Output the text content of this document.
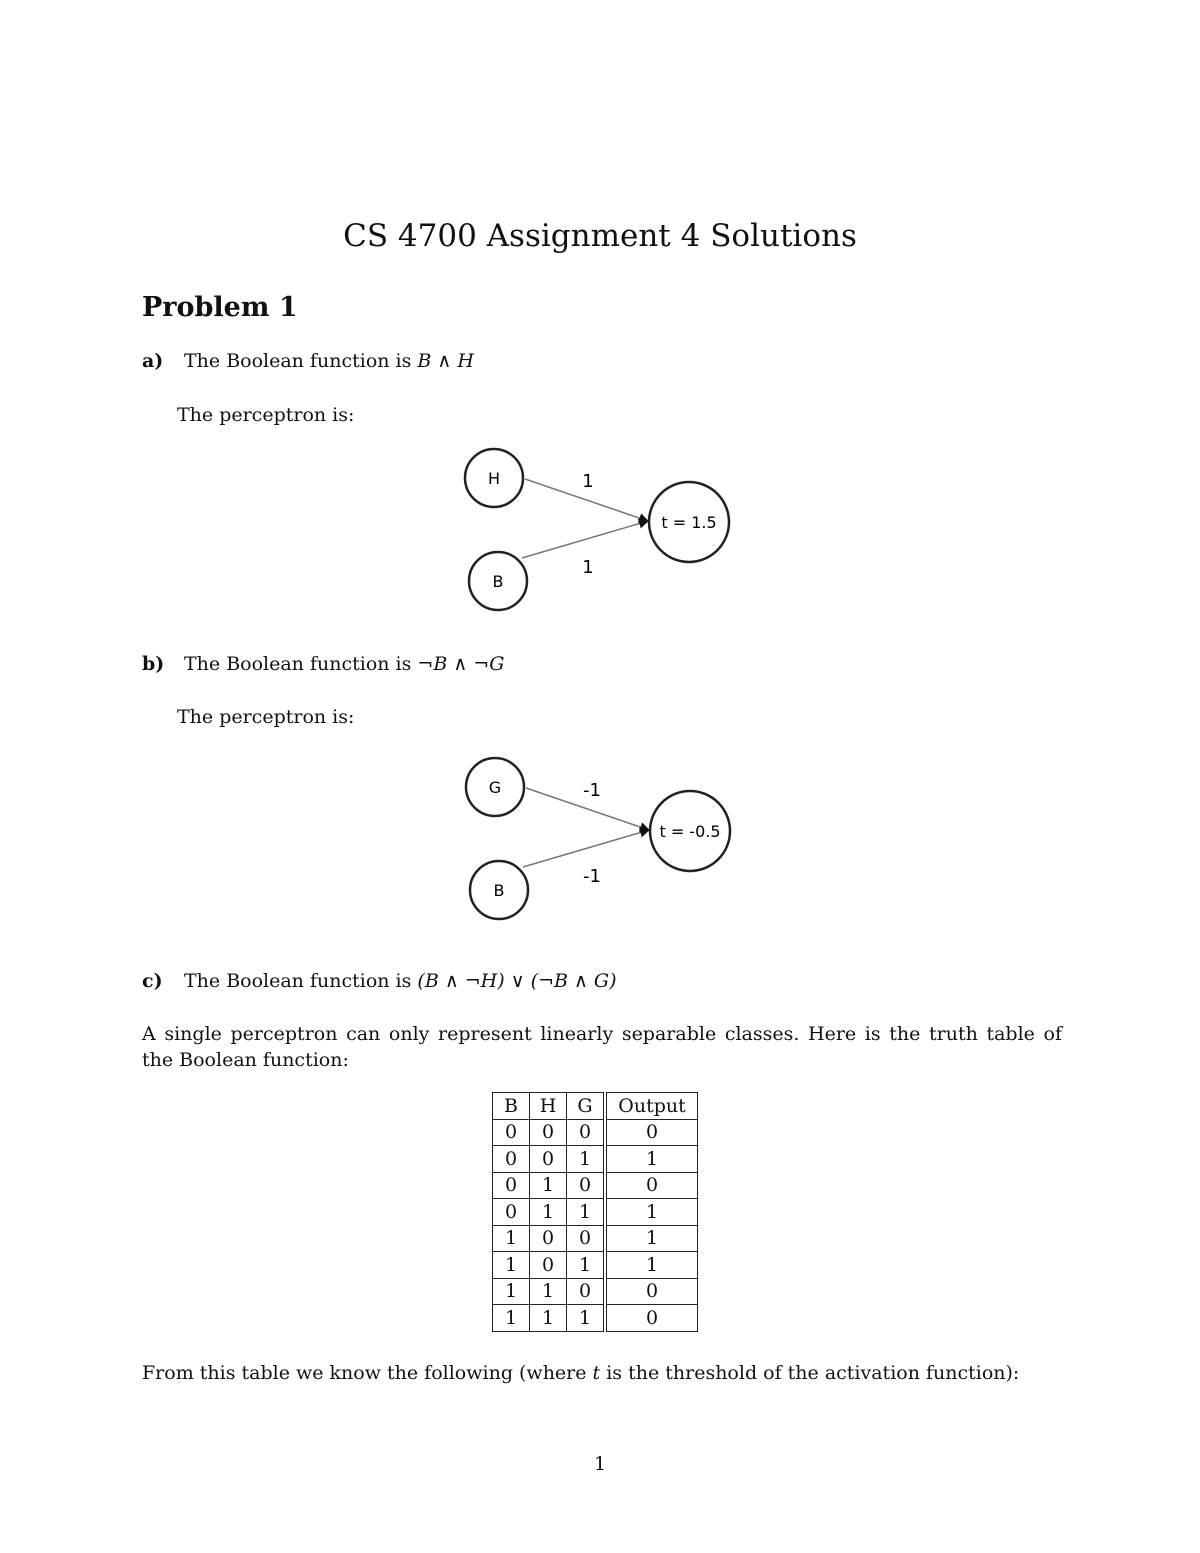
CS 4700 Assignment 4 Solutions
Problem 1
a) The Boolean function is B ∧ H
The perceptron is:
H
B
t = 1.5
1
1
G
B
t = -0.5
-1
-1
b) The Boolean function is ¬B ∧ ¬G
The perceptron is:
c) The Boolean function is (B ∧ ¬H) ∨ (¬B ∧ G)
A single perceptron can only represent linearly separable classes. Here is the truth table of the Boolean function:
B	H	G	Output
0	0	0	0
0	0	1	1
0	1	0	0
0	1	1	1
1	0	0	1
1	0	1	1
1	1	0	0
1	1	1	0
From this table we know the following (where t is the threshold of the activation function):
1
